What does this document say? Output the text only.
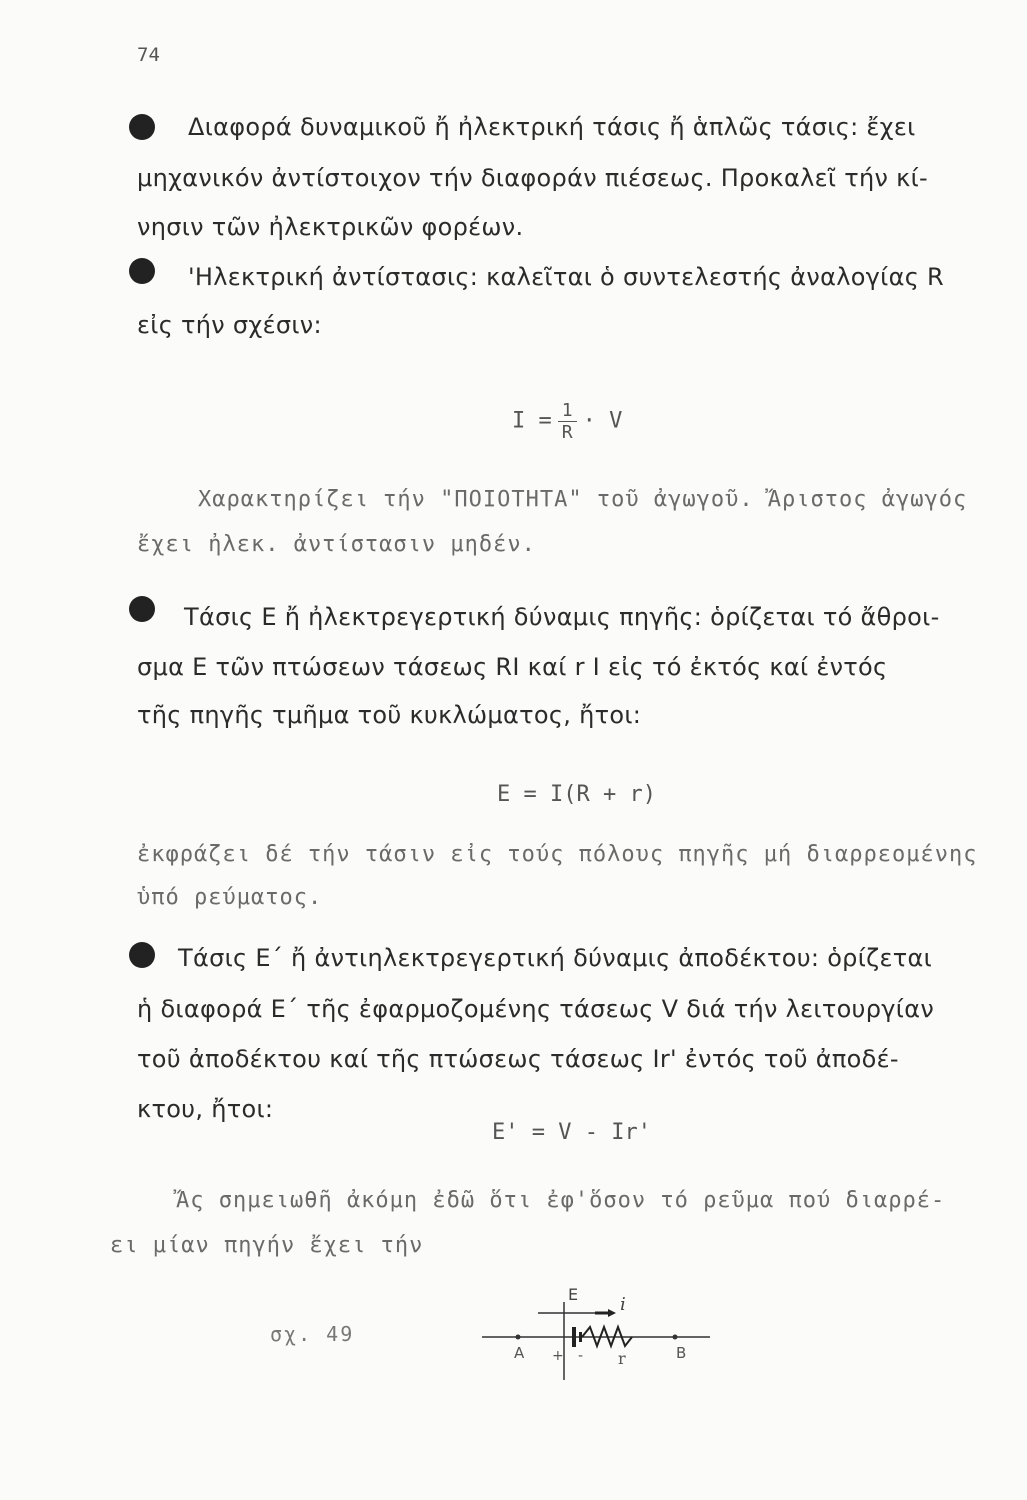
74
Διαφορά δυναμικοῦ ἤ ἠλεκτρική τάσις ἤ ἁπλῶς τάσις: ἔχει
μηχανικόν ἀντίστοιχον τήν διαφοράν πιέσεως. Προκαλεῖ τήν κί-
νησιν τῶν ἠλεκτρικῶν φορέων.
'Ηλεκτρική ἀντίστασις: καλεῖται ὁ συντελεστής ἀναλογίας R
εἰς τήν σχέσιν:
$I = \frac{1}{R} \cdot V$
Χαρακτηρίζει τήν "ΠΟΙΟΤΗΤΑ" τοῦ ἀγωγοῦ. Ἄριστος ἀγωγός
ἔχει ἠλεκ. ἀντίστασιν μηδέν.
Τάσις E ἤ ἠλεκτρεγερτική δύναμις πηγῆς: ὁρίζεται τό ἄθροι-
σμα E τῶν πτώσεων τάσεως RI καί r I εἰς τό ἐκτός καί ἐντός
τῆς πηγῆς τμῆμα τοῦ κυκλώματος, ἤτοι:
E = I(R + r)
ἐκφράζει δέ τήν τάσιν εἰς τούς πόλους πηγῆς μή διαρρεομένης
ὑπό ρεύματος.
Τάσις E΄ ἤ ἀντιηλεκτρεγερτική δύναμις ἀποδέκτου: ὁρίζεται
ἡ διαφορά E΄ τῆς ἐφαρμοζομένης τάσεως V διά τήν λειτουργίαν
τοῦ ἀποδέκτου καί τῆς πτώσεως τάσεως Ir' ἐντός τοῦ ἀποδέ-
κτου, ἤτοι:
E' = V - Ir'
Ἄς σημειωθῆ ἀκόμη ἐδῶ ὅτι ἐφ'ὅσον τό ρεῦμα πού διαρρέ-
ει μίαν πηγήν ἔχει τήν
σχ. 49
E i
A + - r	B
